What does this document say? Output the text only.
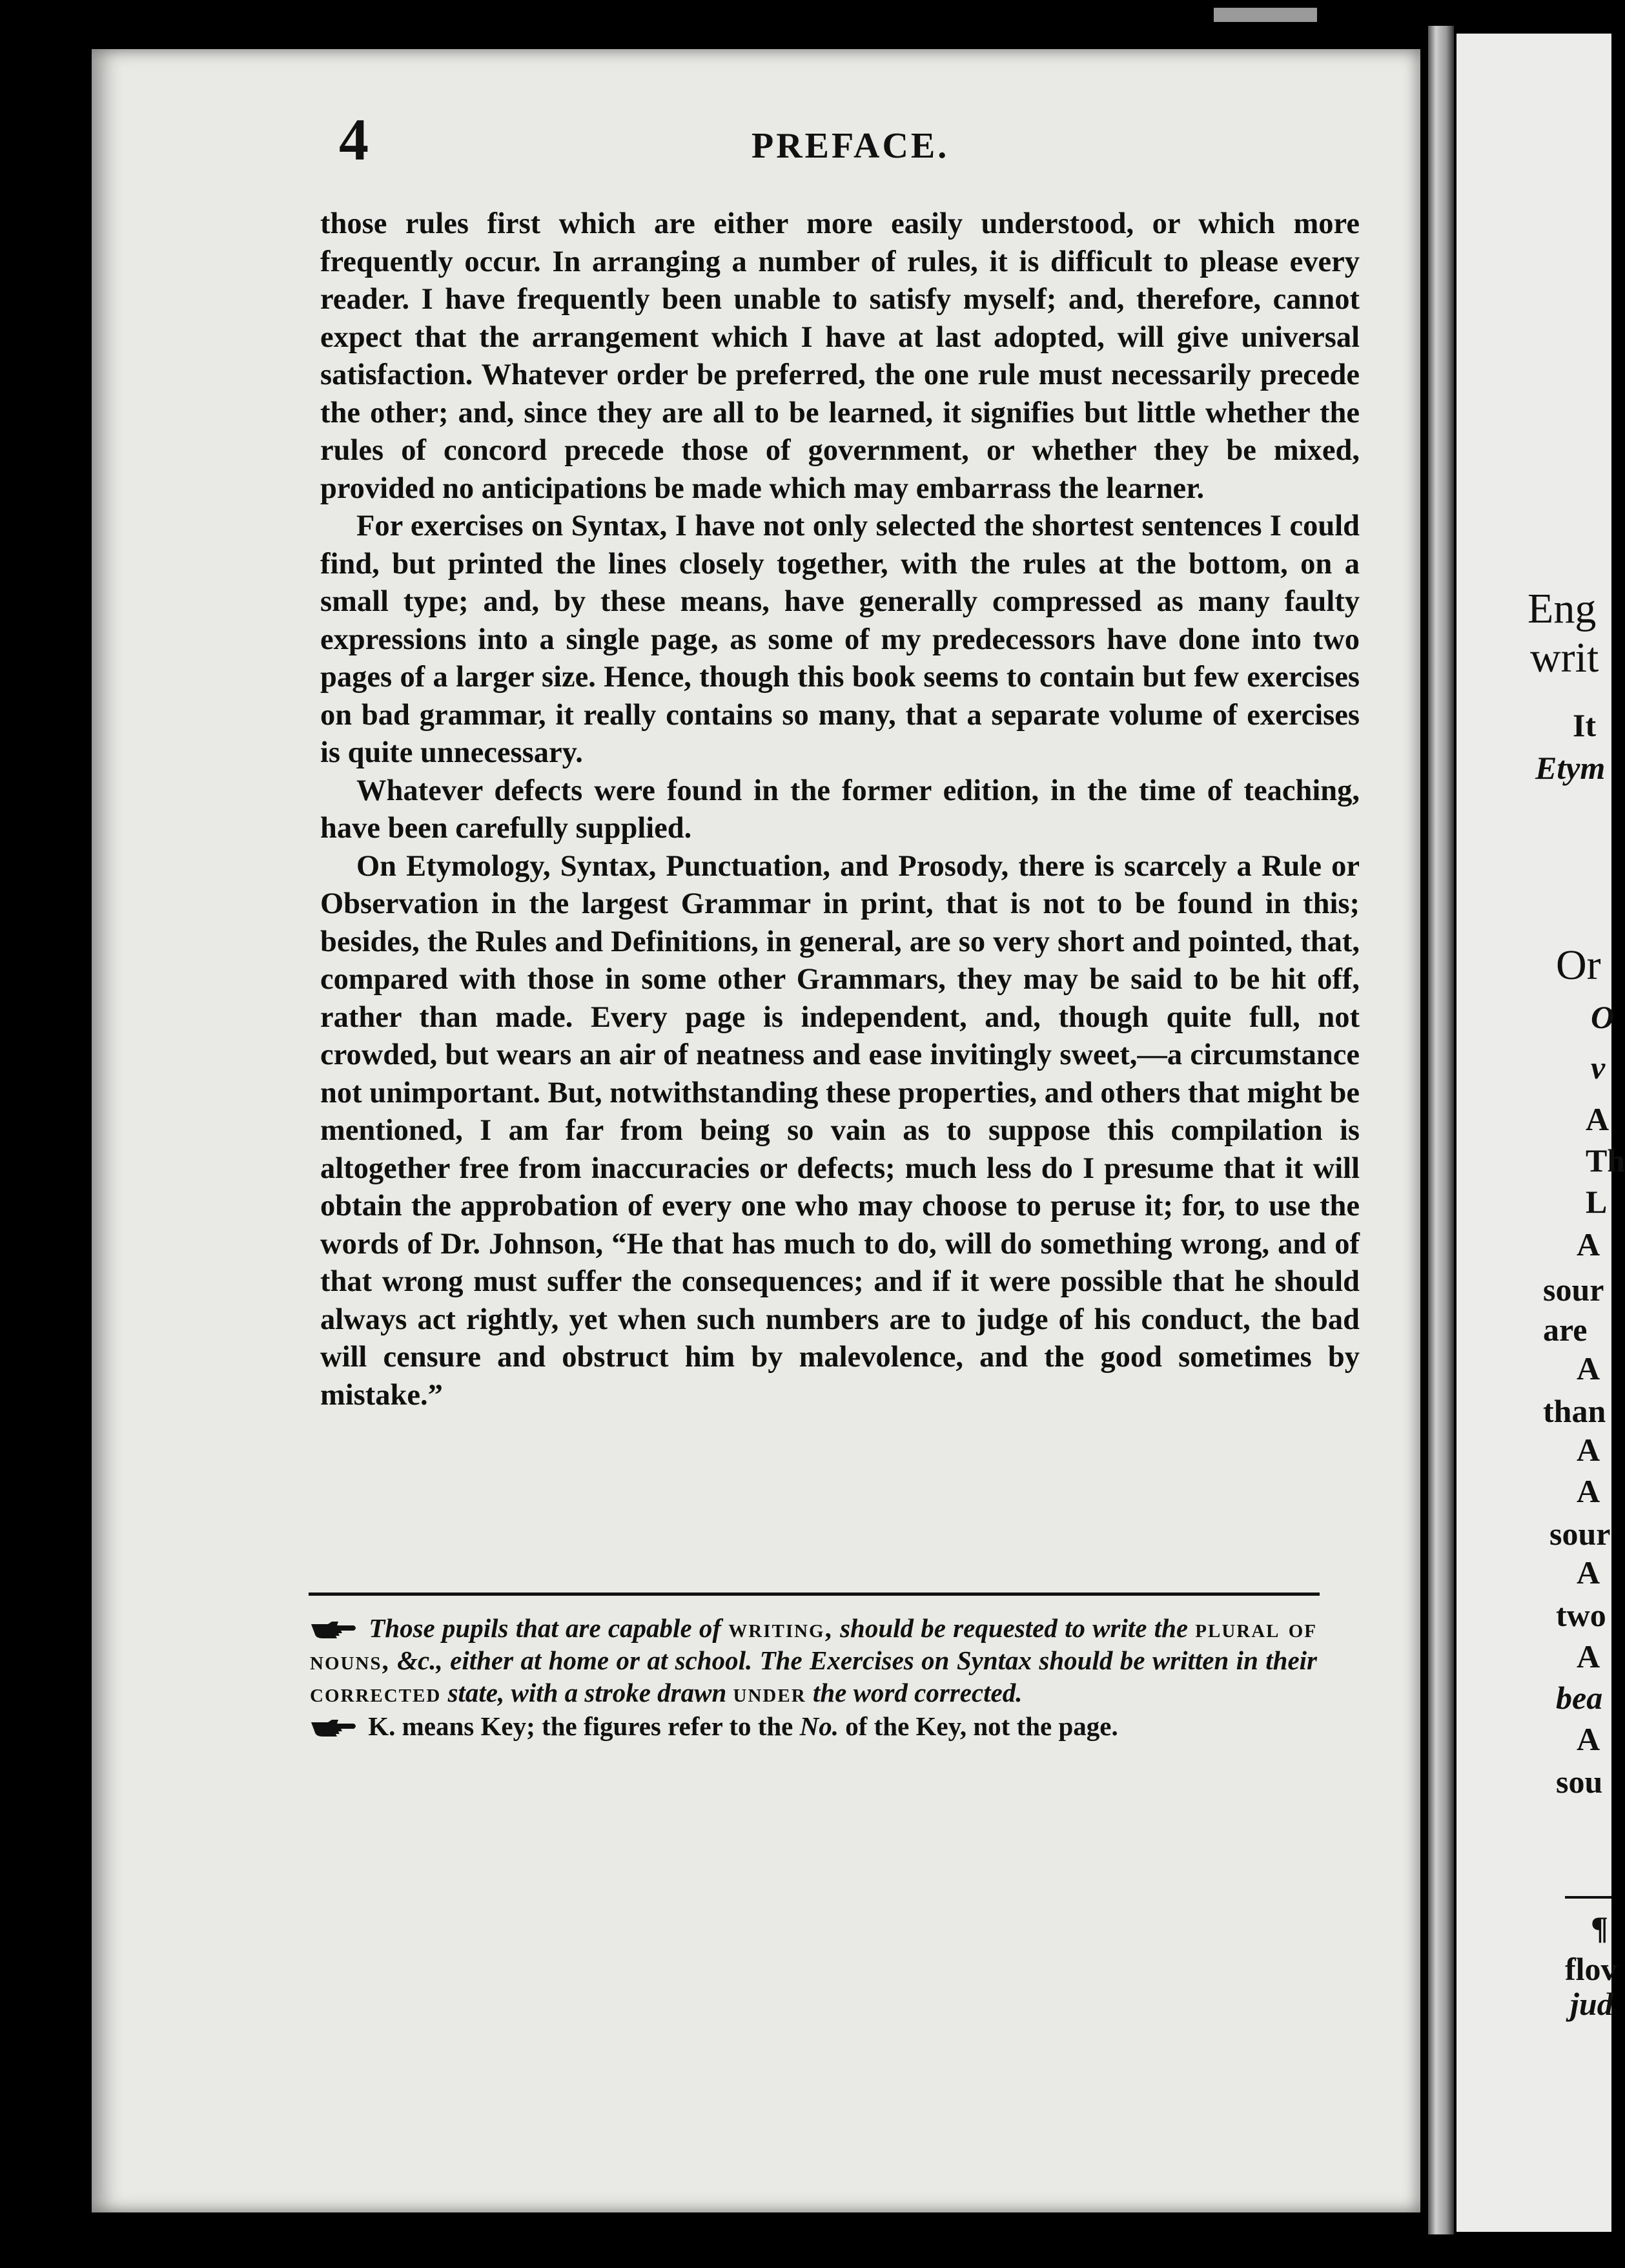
4	PREFACE.

those rules first which are either more easily understood, or which more frequently occur. In arranging a number of rules, it is difficult to please every reader. I have frequently been unable to satisfy myself; and, therefore, cannot expect that the arrangement which I have at last adopted, will give universal satisfaction. Whatever order be preferred, the one rule must necessarily precede the other; and, since they are all to be learned, it signifies but little whether the rules of concord precede those of government, or whether they be mixed, provided no anticipations be made which may embarrass the learner.

For exercises on Syntax, I have not only selected the shortest sentences I could find, but printed the lines closely together, with the rules at the bottom, on a small type; and, by these means, have generally compressed as many faulty expressions into a single page, as some of my predecessors have done into two pages of a larger size. Hence, though this book seems to contain but few exercises on bad grammar, it really contains so many, that a separate volume of exercises is quite unnecessary.

Whatever defects were found in the former edition, in the time of teaching, have been carefully supplied.

On Etymology, Syntax, Punctuation, and Prosody, there is scarcely a Rule or Observation in the largest Grammar in print, that is not to be found in this; besides, the Rules and Definitions, in general, are so very short and pointed, that, compared with those in some other Grammars, they may be said to be hit off, rather than made. Every page is independent, and, though quite full, not crowded, but wears an air of neatness and ease invitingly sweet,—a circumstance not unimportant. But, notwithstanding these properties, and others that might be mentioned, I am far from being so vain as to suppose this compilation is altogether free from inaccuracies or defects; much less do I presume that it will obtain the approbation of every one who may choose to peruse it; for, to use the words of Dr. Johnson, “He that has much to do, will do something wrong, and of that wrong must suffer the consequences; and if it were possible that he should always act rightly, yet when such numbers are to judge of his conduct, the bad will censure and obstruct him by malevolence, and the good sometimes by mistake.”

Those pupils that are capable of writing, should be requested to write the plural of nouns, &c., either at home or at school. The Exercises on Syntax should be written in their corrected state, with a stroke drawn under the word corrected.

K. means Key; the figures refer to the No. of the Key, not the page.

Eng
writ
It
Etym
Or
O
v
A
Th
L
A
sour
are
A
than
A
A
sour
A
two
A
bea
A
sou
¶
flov
jud
